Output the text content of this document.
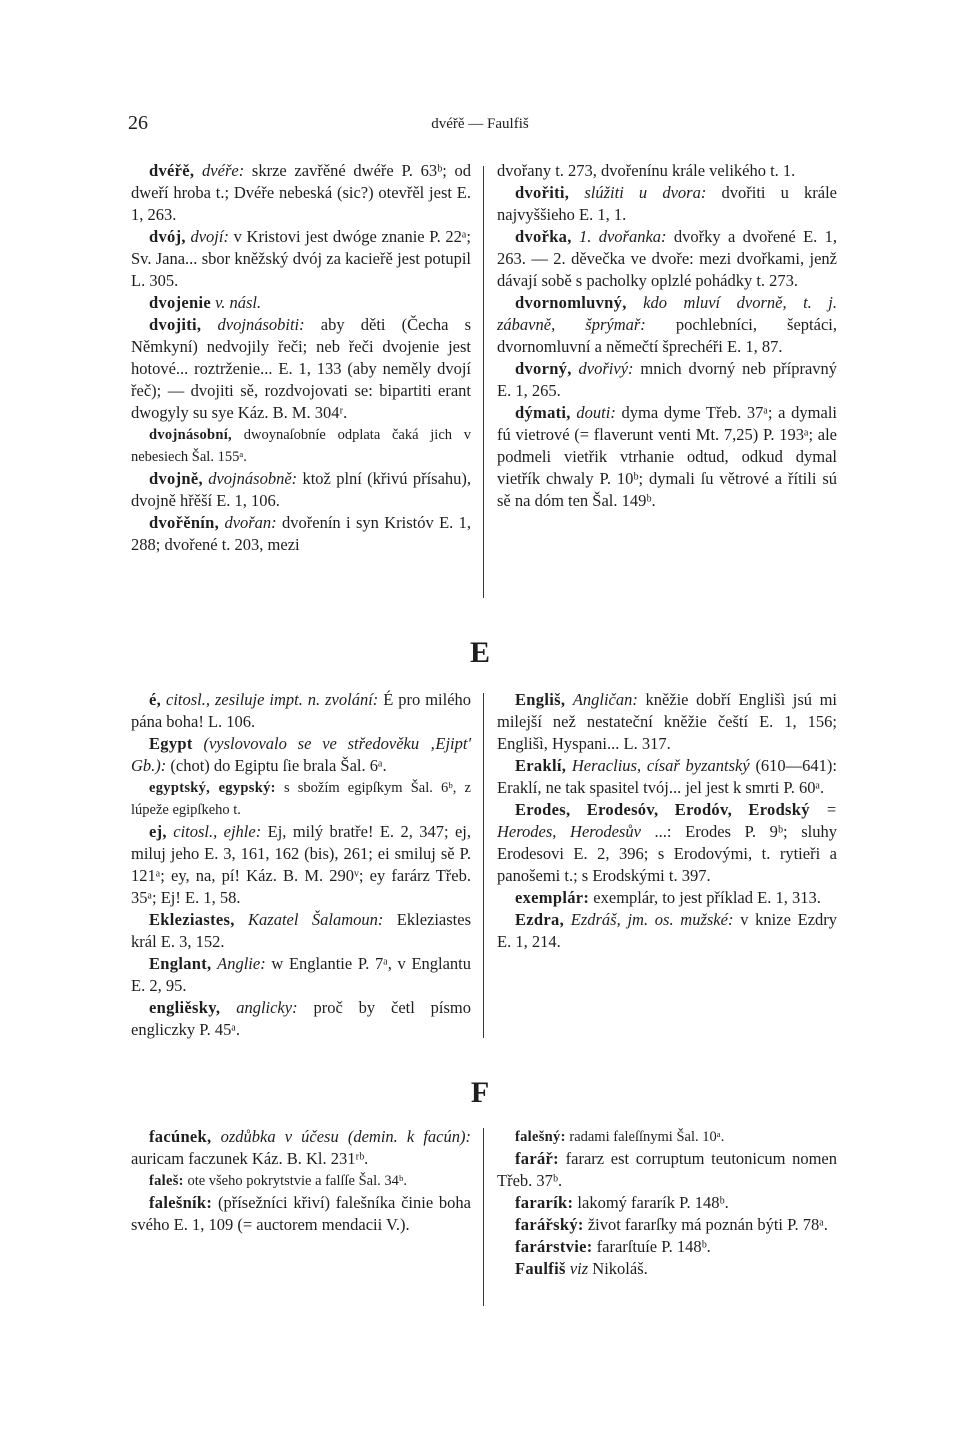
26	dvéřě — Faulfiš

dvéřě, dvéře: skrze zavřěné dwéře P. 63ᵇ; od dweří hroba t.; Dvéře nebeská (sic?) otevřěl jest E. 1, 263.

dvój, dvojí: v Kristovi jest dwóge znanie P. 22ᵃ; Sv. Jana... sbor kněžský dvój za kacieřě jest potupil L. 305.

dvojenie v. násl.

dvojiti, dvojnásobiti: aby děti (Čecha s Němkyní) nedvojily řeči; neb řeči dvojenie jest hotové... roztrženie... E. 1, 133 (aby neměly dvojí řeč); — dvojiti sě, rozdvojovati se: bipartiti erant dwogyly su sye Káz. B. M. 304ʳ.

dvojnásobní, dwoynaſobníe odplata čaká jich v nebesiech Šal. 155ᵃ.

dvojně, dvojnásobně: ktož plní (křivú přísahu), dvojně hřěší E. 1, 106.

dvořěnín, dvořan: dvořenín i syn Kristóv E. 1, 288; dvořené t. 203, mezi

dvořany t. 273, dvořenínu krále velikého t. 1.

dvořiti, slúžiti u dvora: dvořiti u krále najvyššieho E. 1, 1.

dvořka, 1. dvořanka: dvořky a dvořené E. 1, 263. — 2. děvečka ve dvoře: mezi dvořkami, jenž dávají sobě s pacholky oplzlé pohádky t. 273.

dvornomluvný, kdo mluví dvorně, t. j. zábavně, šprýmař: pochlebníci, šeptáci, dvornomluvní a němečtí šprechéři E. 1, 87.

dvorný, dvořivý: mnich dvorný neb přípravný E. 1, 265.

dýmati, douti: dyma dyme Třeb. 37ᵃ; a dymali fú vietrové (= flaverunt venti Mt. 7,25) P. 193ᵃ; ale podmeli vietřik vtrhanie odtud, odkud dymal vietřík chwaly P. 10ᵇ; dymali ſu větrové a řítili sú sě na dóm ten Šal. 149ᵇ.

E

é, citosl., zesiluje impt. n. zvolání: É pro milého pána boha! L. 106.

Egypt (vyslovovalo se ve středověku ‚Ejipt' Gb.): (chot) do Egiptu ſie brala Šal. 6ᵃ.

egyptský, egypský: s sbožím egipſkym Šal. 6ᵇ, z lúpeže egipſkeho t.

ej, citosl., ejhle: Ej, milý bratře! E. 2, 347; ej, miluj jeho E. 3, 161, 162 (bis), 261; ei smiluj sě P. 121ᵃ; ey, na, pí! Káz. B. M. 290ᵛ; ey farárz Třeb. 35ᵃ; Ej! E. 1, 58.

Ekleziastes, Kazatel Šalamoun: Ekleziastes král E. 3, 152.

Englant, Anglie: w Englantie P. 7ᵃ, v Englantu E. 2, 95.

engliěsky, anglicky: proč by četl písmo engliczky P. 45ᵃ.

Engliš, Angličan: kněžie dobří Englišì jsú mi milejší než nestateční kněžie čeští E. 1, 156; Englišì, Hyspani... L. 317.

Eraklí, Heraclius, císař byzantský (610—641): Eraklí, ne tak spasitel tvój... jel jest k smrti P. 60ᵃ.

Erodes, Erodesóv, Erodóv, Erodský = Herodes, Herodesův ...: Erodes P. 9ᵇ; sluhy Erodesovi E. 2, 396; s Erodovými, t. rytieři a panošemi t.; s Erodskými t. 397.

exemplár: exemplár, to jest příklad E. 1, 313.

Ezdra, Ezdráš, jm. os. mužské: v knize Ezdry E. 1, 214.

F

facúnek, ozdůbka v účesu (demin. k facún): auricam faczunek Káz. B. Kl. 231ʳᵇ.

faleš: ote všeho pokrytstvie a falſſe Šal. 34ᵇ.

falešník: (přísežníci křiví) falešníka činie boha svého E. 1, 109 (= auctorem mendacii V.).

falešný: radami faleſſnymi Šal. 10ᵃ.

farář: fararz est corruptum teutonicum nomen Třeb. 37ᵇ.

fararík: lakomý fararík P. 148ᵇ.

farářský: život fararſky má poznán býti P. 78ᵃ.

farárstvie: fararſtuíe P. 148ᵇ.

Faulfiš viz Nikoláš.
